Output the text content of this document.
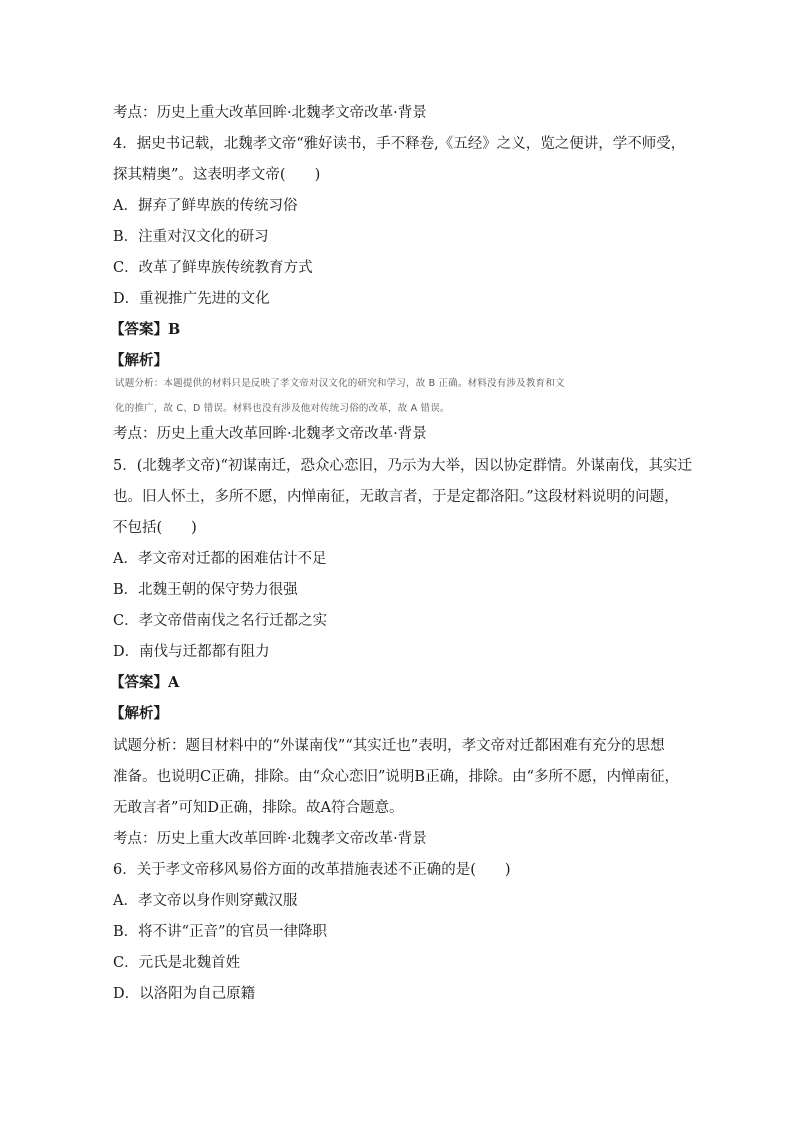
考点：历史上重大改革回眸·北魏孝文帝改革·背景
4．据史书记载，北魏孝文帝“雅好读书，手不释卷,《五经》之义，览之便讲，学不师受，
探其精奥”。这表明孝文帝(　　)
A．摒弃了鲜卑族的传统习俗
B．注重对汉文化的研习
C．改革了鲜卑族传统教育方式
D．重视推广先进的文化
【答案】B
【解析】
试题分析：本题提供的材料只是反映了孝文帝对汉文化的研究和学习，故 B 正确。材料没有涉及教育和文
化的推广，故 C、D 错误。材料也没有涉及他对传统习俗的改革，故 A 错误。
考点：历史上重大改革回眸·北魏孝文帝改革·背景
5．(北魏孝文帝)“初谋南迁，恐众心恋旧，乃示为大举，因以协定群情。外谋南伐，其实迁
也。旧人怀土，多所不愿，内惮南征，无敢言者，于是定都洛阳。”这段材料说明的问题，
不包括(　　)
A．孝文帝对迁都的困难估计不足
B．北魏王朝的保守势力很强
C．孝文帝借南伐之名行迁都之实
D．南伐与迁都都有阻力
【答案】A
【解析】
试题分析：题目材料中的“外谋南伐”“其实迁也”表明，孝文帝对迁都困难有充分的思想
准备。也说明C正确，排除。由“众心恋旧”说明B正确，排除。由“多所不愿，内惮南征，
无敢言者”可知D正确，排除。故A符合题意。
考点：历史上重大改革回眸·北魏孝文帝改革·背景
6．关于孝文帝移风易俗方面的改革措施表述不正确的是(　　)
A．孝文帝以身作则穿戴汉服
B．将不讲“正音”的官员一律降职
C．元氏是北魏首姓
D．以洛阳为自己原籍
